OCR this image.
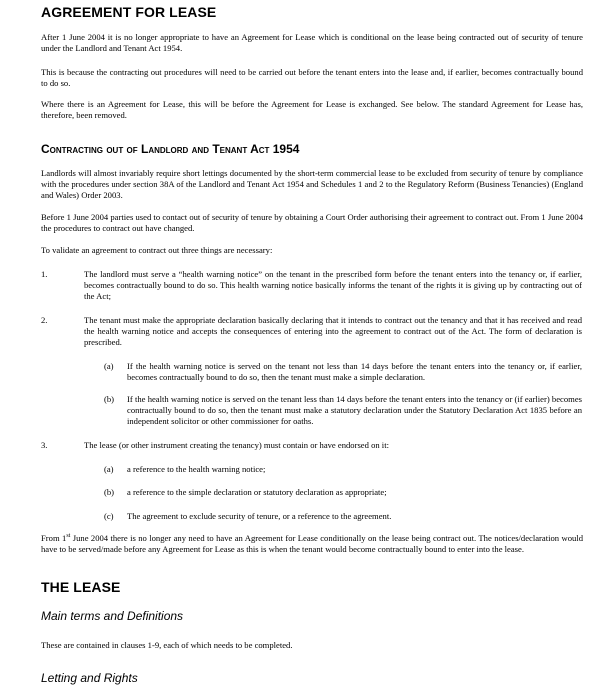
AGREEMENT FOR LEASE
After 1 June 2004 it is no longer appropriate to have an Agreement for Lease which is conditional on the lease being contracted out of security of tenure under the Landlord and Tenant Act 1954.
This is because the contracting out procedures will need to be carried out before the tenant enters into the lease and, if earlier, becomes contractually bound to do so.
Where there is an Agreement for Lease, this will be before the Agreement for Lease is exchanged. See below. The standard Agreement for Lease has, therefore, been removed.
Contracting out of Landlord and Tenant Act 1954
Landlords will almost invariably require short lettings documented by the short-term commercial lease to be excluded from security of tenure by compliance with the procedures under section 38A of the Landlord and Tenant Act 1954 and Schedules 1 and 2 to the Regulatory Reform (Business Tenancies) (England and Wales) Order 2003.
Before 1 June 2004 parties used to contact out of security of tenure by obtaining a Court Order authorising their agreement to contract out. From 1 June 2004 the procedures to contract out have changed.
To validate an agreement to contract out three things are necessary:
1.	The landlord must serve a “health warning notice” on the tenant in the prescribed form before the tenant enters into the tenancy or, if earlier, becomes contractually bound to do so. This health warning notice basically informs the tenant of the rights it is giving up by contracting out of the Act;
2.	The tenant must make the appropriate declaration basically declaring that it intends to contract out the tenancy and that it has received and read the health warning notice and accepts the consequences of entering into the agreement to contract out of the Act. The form of declaration is prescribed.
(a) If the health warning notice is served on the tenant not less than 14 days before the tenant enters into the tenancy or, if earlier, becomes contractually bound to do so, then the tenant must make a simple declaration.
(b) If the health warning notice is served on the tenant less than 14 days before the tenant enters into the tenancy or (if earlier) becomes contractually bound to do so, then the tenant must make a statutory declaration under the Statutory Declaration Act 1835 before an independent solicitor or other commissioner for oaths.
3.	The lease (or other instrument creating the tenancy) must contain or have endorsed on it:
(a) a reference to the health warning notice;
(b) a reference to the simple declaration or statutory declaration as appropriate;
(c) The agreement to exclude security of tenure, or a reference to the agreement.
From 1st June 2004 there is no longer any need to have an Agreement for Lease conditionally on the lease being contract out. The notices/declaration would have to be served/made before any Agreement for Lease as this is when the tenant would become contractually bound to enter into the lease.
THE LEASE
Main terms and Definitions
These are contained in clauses 1-9, each of which needs to be completed.
Letting and Rights
